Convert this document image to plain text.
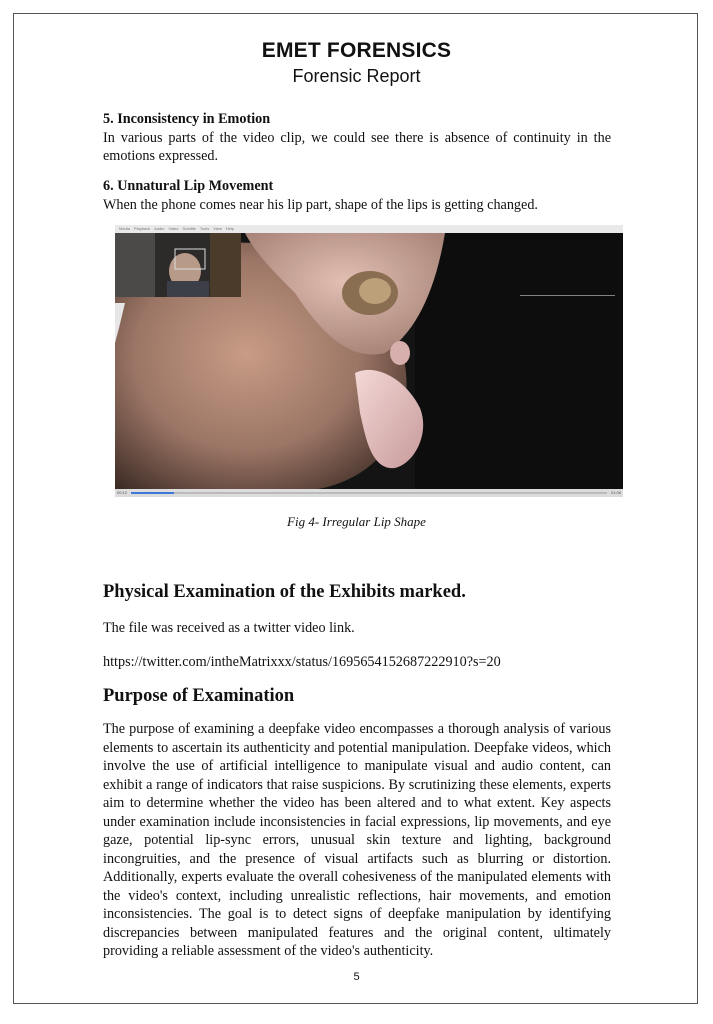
EMET FORENSICS
Forensic Report
5. Inconsistency in Emotion
In various parts of the video clip, we could see there is absence of continuity in the emotions expressed.
6. Unnatural Lip Movement
When the phone comes near his lip part, shape of the lips is getting changed.
Media Playback Audio Video Subtitle Tools View Help
00:12	01:06
Fig 4- Irregular Lip Shape
Physical Examination of the Exhibits marked.
The file was received as a twitter video link.
https://twitter.com/intheMatrixxx/status/1695654152687222910?s=20
Purpose of Examination
The purpose of examining a deepfake video encompasses a thorough analysis of various elements to ascertain its authenticity and potential manipulation. Deepfake videos, which involve the use of artificial intelligence to manipulate visual and audio content, can exhibit a range of indicators that raise suspicions. By scrutinizing these elements, experts aim to determine whether the video has been altered and to what extent. Key aspects under examination include inconsistencies in facial expressions, lip movements, and eye gaze, potential lip-sync errors, unusual skin texture and lighting, background incongruities, and the presence of visual artifacts such as blurring or distortion. Additionally, experts evaluate the overall cohesiveness of the manipulated elements with the video's context, including unrealistic reflections, hair movements, and emotion inconsistencies. The goal is to detect signs of deepfake manipulation by identifying discrepancies between manipulated features and the original content, ultimately providing a reliable assessment of the video's authenticity.
5
